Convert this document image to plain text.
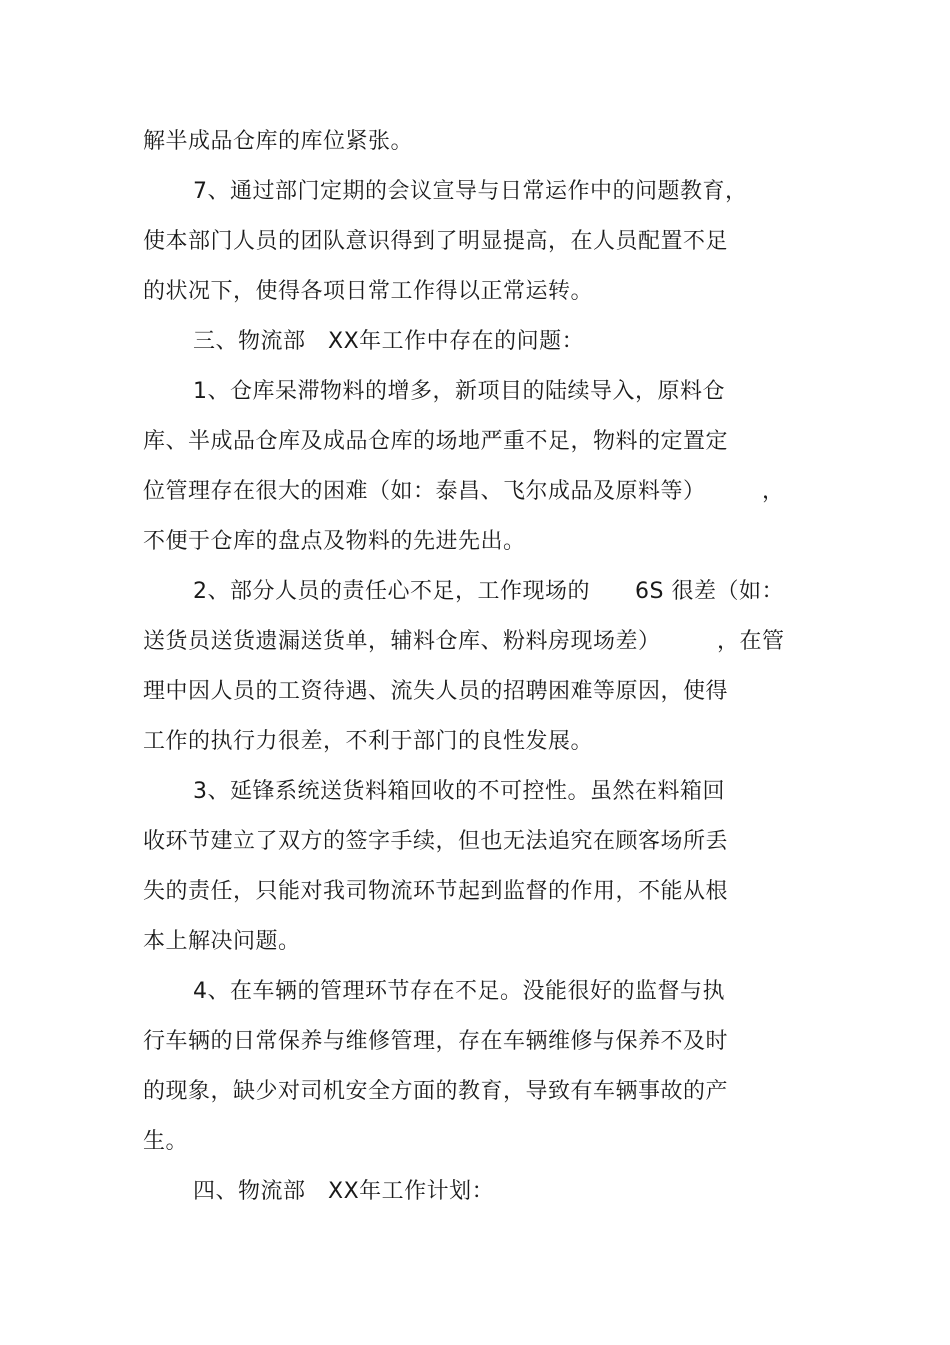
解半成品仓库的库位紧张。
7、通过部门定期的会议宣导与日常运作中的问题教育，
使本部门人员的团队意识得到了明显提高，在人员配置不足
的状况下，使得各项日常工作得以正常运转。
三、物流部　XX年工作中存在的问题：
1、仓库呆滞物料的增多，新项目的陆续导入，原料仓
库、半成品仓库及成品仓库的场地严重不足，物料的定置定
位管理存在很大的困难（如：泰昌、飞尔成品及原料等）　　　，
不便于仓库的盘点及物料的先进先出。
2、部分人员的责任心不足，工作现场的　　6S 很差（如：
送货员送货遗漏送货单，辅料仓库、粉料房现场差）　　　，在管
理中因人员的工资待遇、流失人员的招聘困难等原因，使得
工作的执行力很差，不利于部门的良性发展。
3、延锋系统送货料箱回收的不可控性。虽然在料箱回
收环节建立了双方的签字手续，但也无法追究在顾客场所丢
失的责任，只能对我司物流环节起到监督的作用，不能从根
本上解决问题。
4、在车辆的管理环节存在不足。没能很好的监督与执
行车辆的日常保养与维修管理，存在车辆维修与保养不及时
的现象，缺少对司机安全方面的教育，导致有车辆事故的产
生。
四、物流部　XX年工作计划：
